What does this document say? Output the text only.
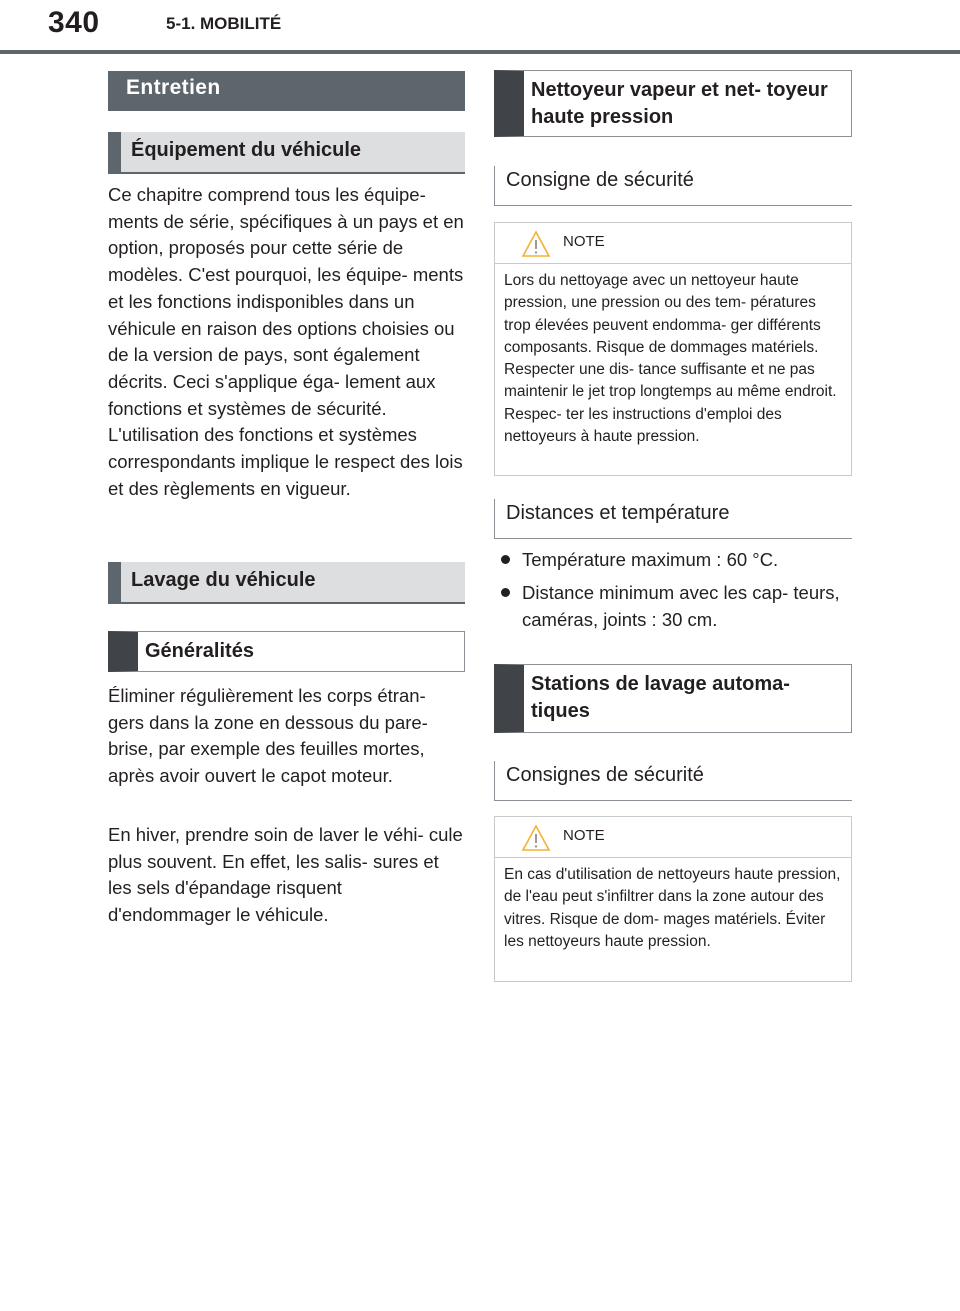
340	5-1. MOBILITÉ
Entretien
Équipement du véhicule

Ce chapitre comprend tous les équipe- ments de série, spécifiques à un pays et en option, proposés pour cette série de modèles. C'est pourquoi, les équipe- ments et les fonctions indisponibles dans un véhicule en raison des options choisies ou de la version de pays, sont également décrits. Ceci s'applique éga- lement aux fonctions et systèmes de sécurité. L'utilisation des fonctions et systèmes correspondants implique le respect des lois et des règlements en vigueur.

Lavage du véhicule
Généralités

Éliminer régulièrement les corps étran- gers dans la zone en dessous du pare-brise, par exemple des feuilles mortes, après avoir ouvert le capot moteur.

En hiver, prendre soin de laver le véhi- cule plus souvent. En effet, les salis- sures et les sels d'épandage risquent d'endommager le véhicule.

Nettoyeur vapeur et net- toyeur haute pression
Consigne de sécurité
NOTE

Lors du nettoyage avec un nettoyeur haute pression, une pression ou des tem- pératures trop élevées peuvent endomma- ger différents composants. Risque de dommages matériels. Respecter une dis- tance suffisante et ne pas maintenir le jet trop longtemps au même endroit. Respec- ter les instructions d'emploi des nettoyeurs à haute pression.

Distances et température
Température maximum : 60 °C.
Distance minimum avec les cap- teurs, caméras, joints : 30 cm.
Stations de lavage automa- tiques
Consignes de sécurité
NOTE

En cas d'utilisation de nettoyeurs haute pression, de l'eau peut s'infiltrer dans la zone autour des vitres. Risque de dom- mages matériels. Éviter les nettoyeurs haute pression.
